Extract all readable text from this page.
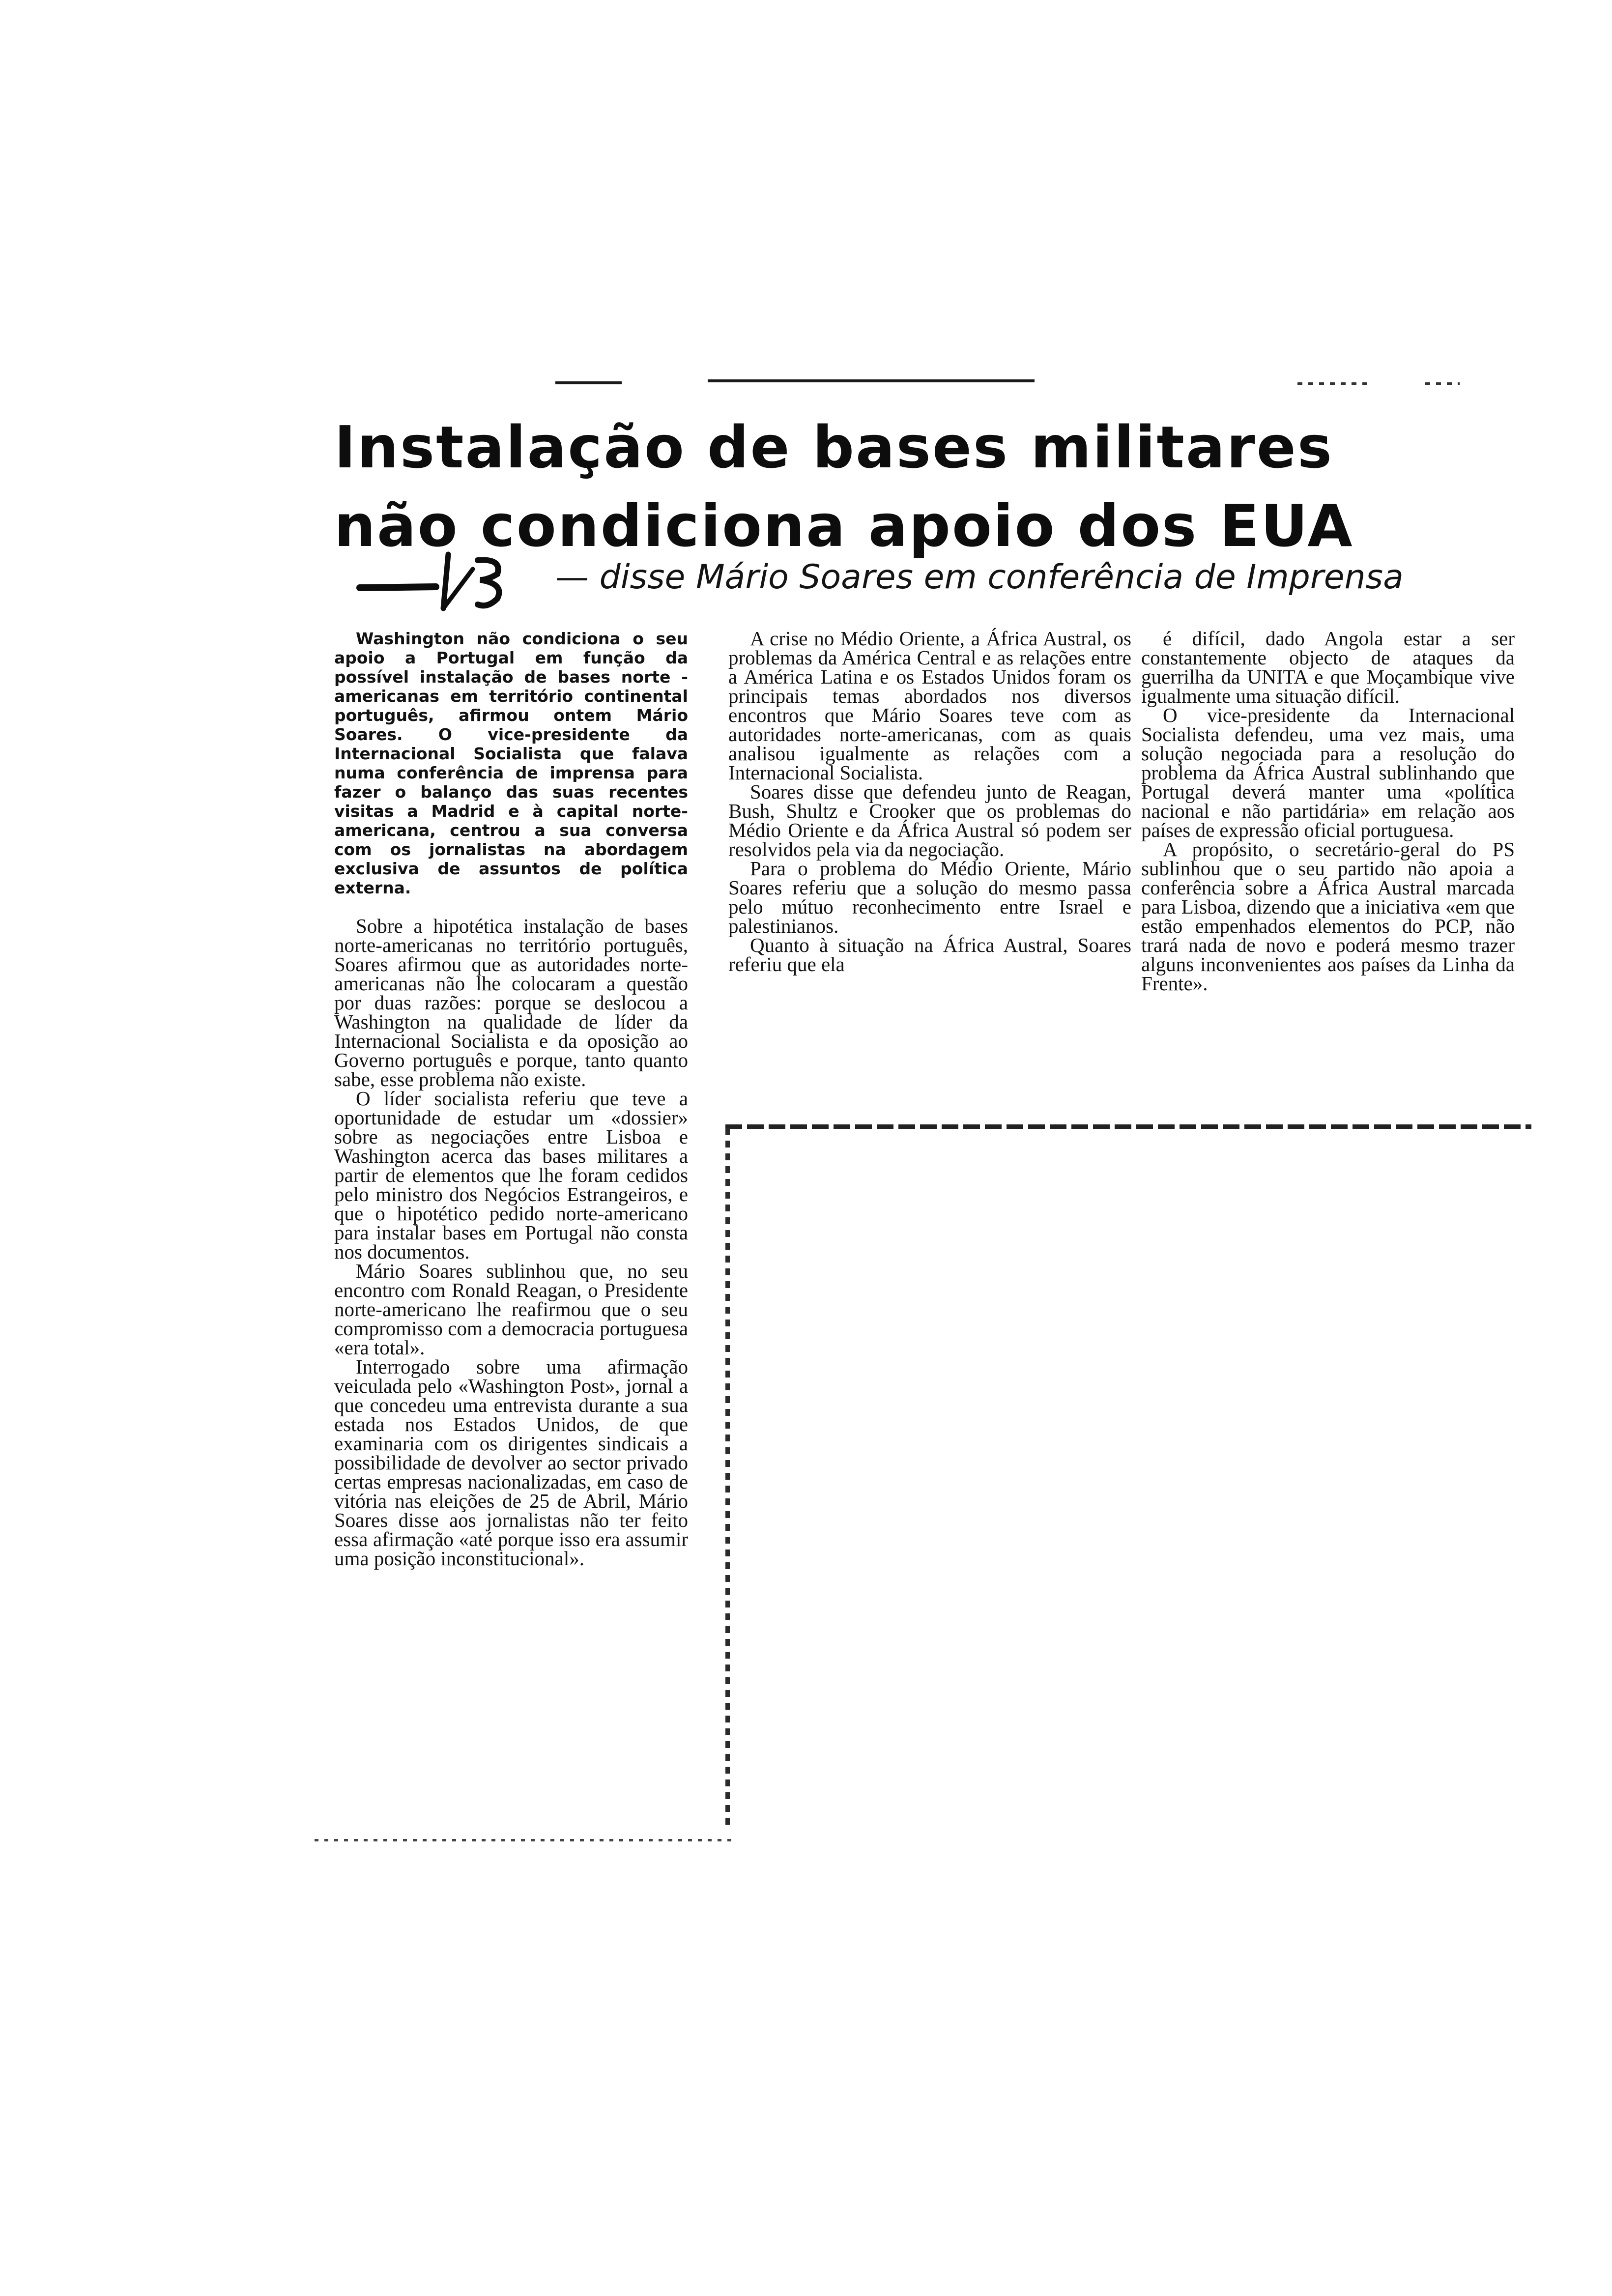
Instalação de bases militares
não condiciona apoio dos EUA
— disse Mário Soares em conferência de Imprensa

Washington não condiciona o seu apoio a Portugal em função da possível instalação de bases norte - americanas em território continental português, afirmou ontem Mário Soares. O vice-presidente da Internacional Socialista que falava numa conferência de imprensa para fazer o balanço das suas recentes visitas a Madrid e à capital norte-americana, centrou a sua conversa com os jornalistas na abordagem exclusiva de assuntos de política externa.

Sobre a hipotética instalação de bases norte-americanas no território português, Soares afirmou que as autoridades norte-americanas não lhe colocaram a questão por duas razões: porque se deslocou a Washington na qualidade de líder da Internacional Socialista e da oposição ao Governo português e porque, tanto quanto sabe, esse problema não existe.

O líder socialista referiu que teve a oportunidade de estudar um «dossier» sobre as negociações entre Lisboa e Washington acerca das bases militares a partir de elementos que lhe foram cedidos pelo ministro dos Negócios Estrangeiros, e que o hipotético pedido norte-americano para instalar bases em Portugal não consta nos documentos.

Mário Soares sublinhou que, no seu encontro com Ronald Reagan, o Presidente norte-americano lhe reafirmou que o seu compromisso com a democracia portuguesa «era total».

Interrogado sobre uma afirmação veiculada pelo «Washington Post», jornal a que concedeu uma entrevista durante a sua estada nos Estados Unidos, de que examinaria com os dirigentes sindicais a possibilidade de devolver ao sector privado certas empresas nacionalizadas, em caso de vitória nas eleições de 25 de Abril, Mário Soares disse aos jornalistas não ter feito essa afirmação «até porque isso era assumir uma posição inconstitucional».

A crise no Médio Oriente, a África Austral, os problemas da América Central e as relações entre a América Latina e os Estados Unidos foram os principais temas abordados nos diversos encontros que Mário Soares teve com as autoridades norte-americanas, com as quais analisou igualmente as relações com a Internacional Socialista.

Soares disse que defendeu junto de Reagan, Bush, Shultz e Crooker que os problemas do Médio Oriente e da África Austral só podem ser resolvidos pela via da negociação.

Para o problema do Médio Oriente, Mário Soares referiu que a solução do mesmo passa pelo mútuo reconhecimento entre Israel e palestinianos.

Quanto à situação na África Austral, Soares referiu que ela

é difícil, dado Angola estar a ser constantemente objecto de ataques da guerrilha da UNITA e que Moçambique vive igualmente uma situação difícil.

O vice-presidente da Internacional Socialista defendeu, uma vez mais, uma solução negociada para a resolução do problema da África Austral sublinhando que Portugal deverá manter uma «política nacional e não partidária» em relação aos países de expressão oficial portuguesa.

A propósito, o secretário-geral do PS sublinhou que o seu partido não apoia a conferência sobre a África Austral marcada para Lisboa, dizendo que a iniciativa «em que estão empenhados elementos do PCP, não trará nada de novo e poderá mesmo trazer alguns inconvenientes aos países da Linha da Frente».
